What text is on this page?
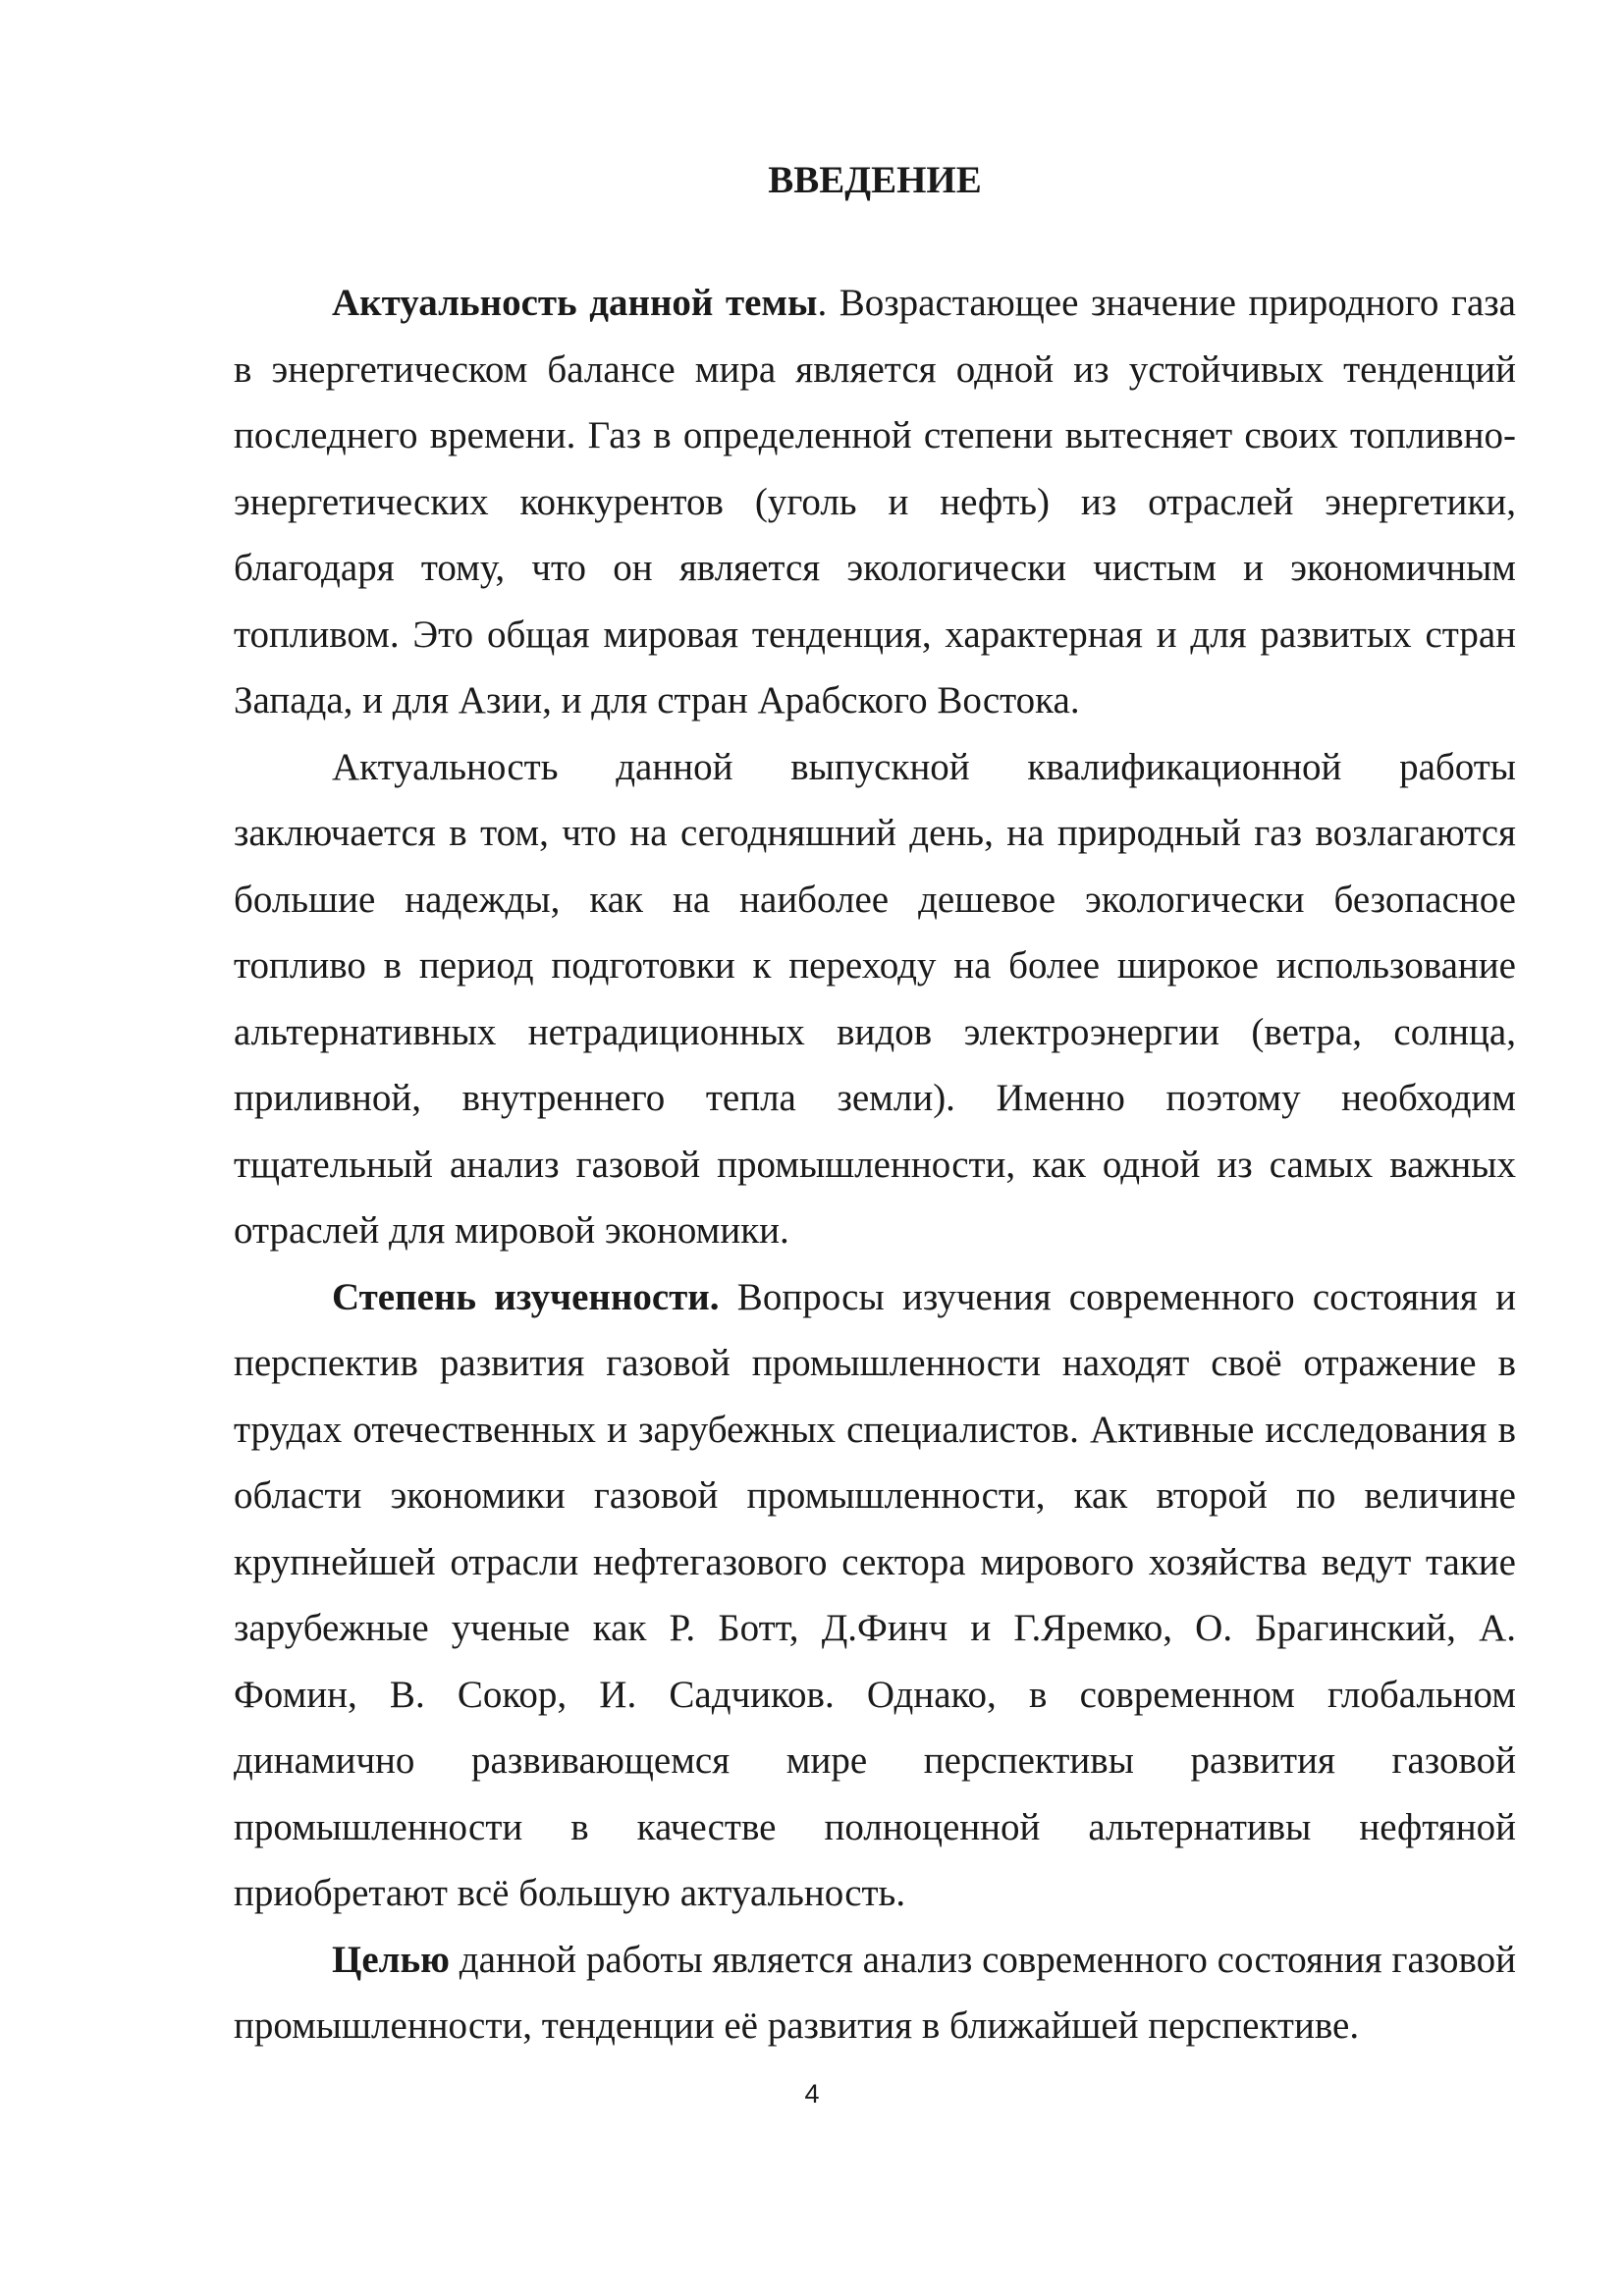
ВВЕДЕНИЕ

Актуальность данной темы. Возрастающее значение природного газа в энергетическом балансе мира является одной из устойчивых тенденций последнего времени. Газ в определенной степени вытесняет своих топливно-энергетических конкурентов (уголь и нефть) из отраслей энергетики, благодаря тому, что он является экологически чистым и экономичным топливом. Это общая мировая тенденция, характерная и для развитых стран Запада, и для Азии, и для стран Арабского Востока.

Актуальность данной выпускной квалификационной работы заключается в том, что на сегодняшний день, на природный газ возлагаются большие надежды, как на наиболее дешевое экологически безопасное топливо в период подготовки к переходу на более широкое использование альтернативных нетрадиционных видов электроэнергии (ветра, солнца, приливной, внутреннего тепла земли). Именно поэтому необходим тщательный анализ газовой промышленности, как одной из самых важных отраслей для мировой экономики.

Степень изученности. Вопросы изучения современного состояния и перспектив развития газовой промышленности находят своё отражение в трудах отечественных и зарубежных специалистов. Активные исследования в области экономики газовой промышленности, как второй по величине крупнейшей отрасли нефтегазового сектора мирового хозяйства ведут такие зарубежные ученые как Р. Ботт, Д.Финч и Г.Яремко, О. Брагинский, А. Фомин, В. Сокор, И. Садчиков. Однако, в современном глобальном динамично развивающемся мире перспективы развития газовой промышленности в качестве полноценной альтернативы нефтяной приобретают всё большую актуальность.

Целью данной работы является анализ современного состояния газовой промышленности, тенденции её развития в ближайшей перспективе.

4
